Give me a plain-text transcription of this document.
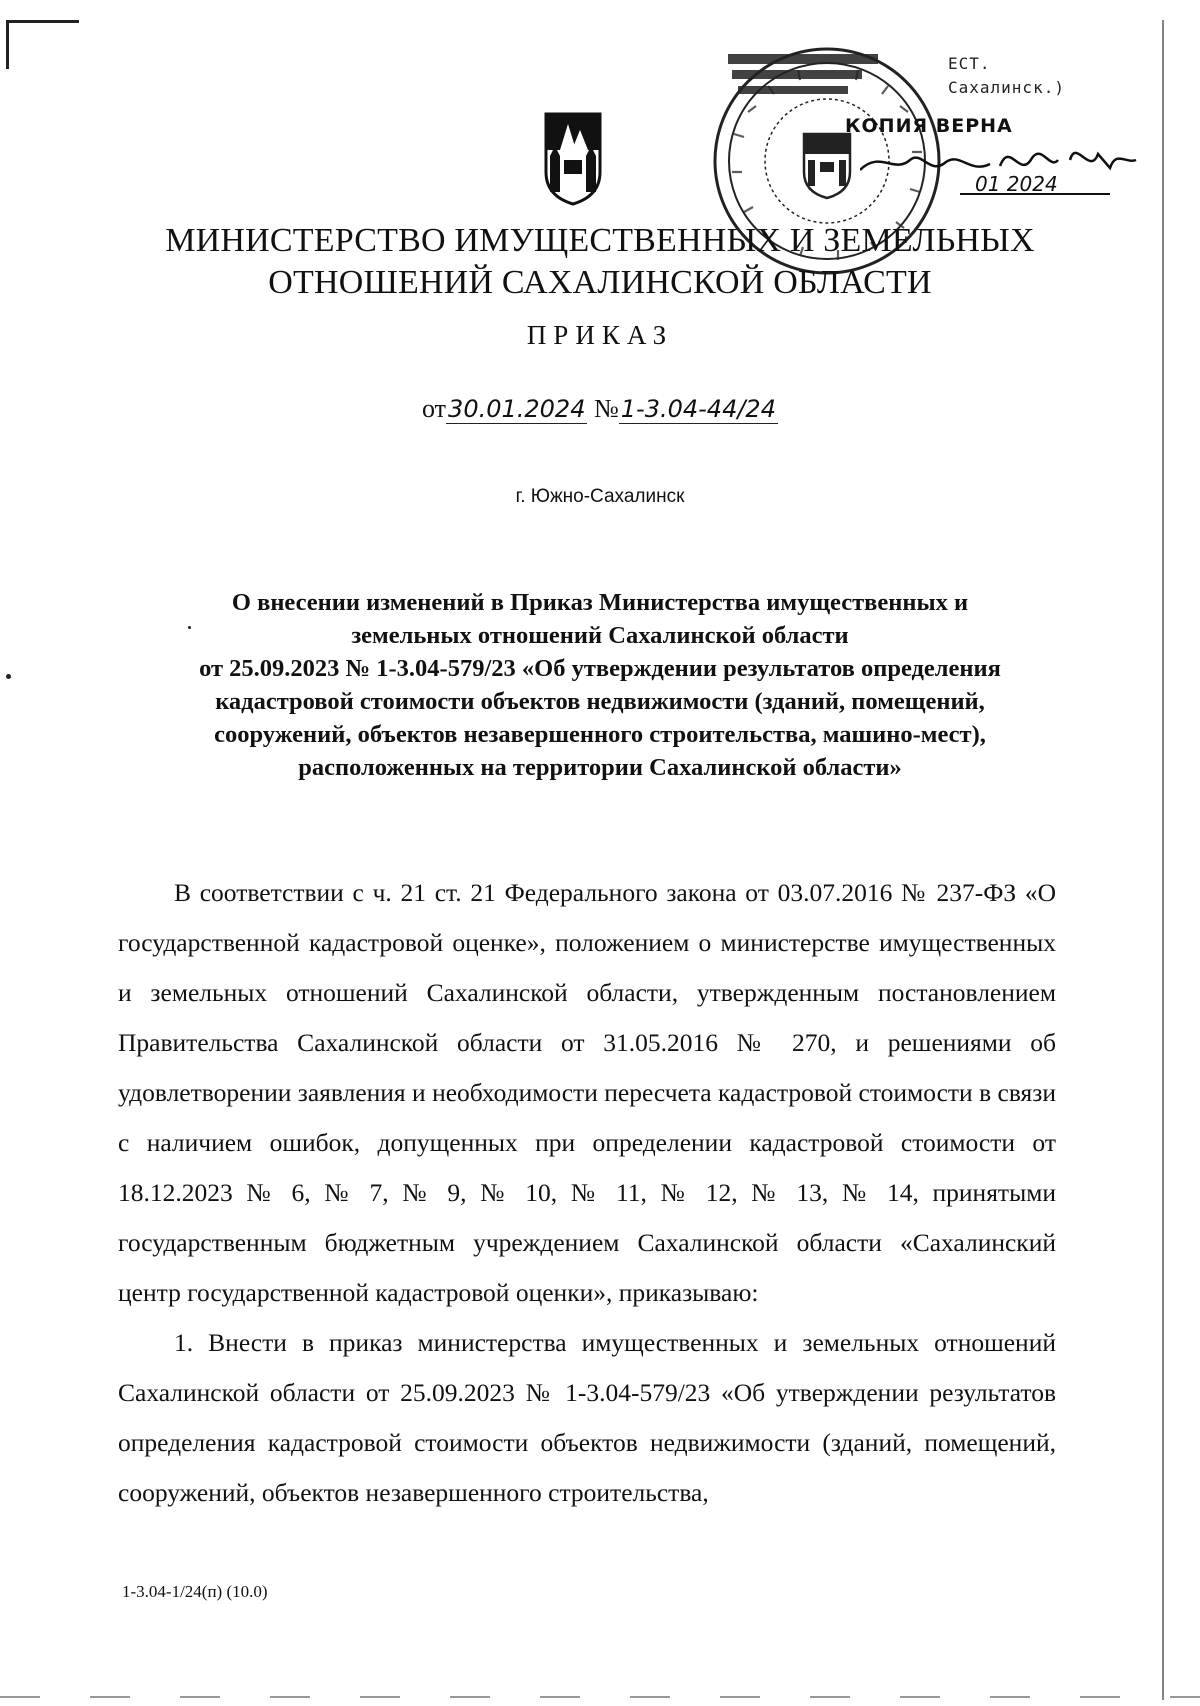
ЕСТ.
Сахалинск.)
КОПИЯ ВЕРНА
01 2024
МИНИСТЕРСТВО ИМУЩЕСТВЕННЫХ И ЗЕМЕЛЬНЫХ
ОТНОШЕНИЙ САХАЛИНСКОЙ ОБЛАСТИ
ПРИКАЗ
от30.01.2024 №1-3.04-44/24
г. Южно-Сахалинск
О внесении изменений в Приказ Министерства имущественных и
земельных отношений Сахалинской области
от 25.09.2023 № 1-3.04-579/23 «Об утверждении результатов определения
кадастровой стоимости объектов недвижимости (зданий, помещений,
сооружений, объектов незавершенного строительства, машино-мест),
расположенных на территории Сахалинской области»

В соответствии с ч. 21 ст. 21 Федерального закона от 03.07.2016 № 237-ФЗ «О государственной кадастровой оценке», положением о министерстве имущественных и земельных отношений Сахалинской области, утвержденным постановлением Правительства Сахалинской области от 31.05.2016 № 270, и решениями об удовлетворении заявления и необходимости пересчета кадастровой стоимости в связи с наличием ошибок, допущенных при определении кадастровой стоимости от 18.12.2023 № 6, № 7, № 9, № 10, № 11, № 12, № 13, № 14, принятыми государственным бюджетным учреждением Сахалинской области «Сахалинский центр государственной кадастровой оценки», приказываю:

1. Внести в приказ министерства имущественных и земельных отношений Сахалинской области от 25.09.2023 № 1-3.04-579/23 «Об утверждении результатов определения кадастровой стоимости объектов недвижимости (зданий, помещений, сооружений, объектов незавершенного строительства,

1-3.04-1/24(п) (10.0)
